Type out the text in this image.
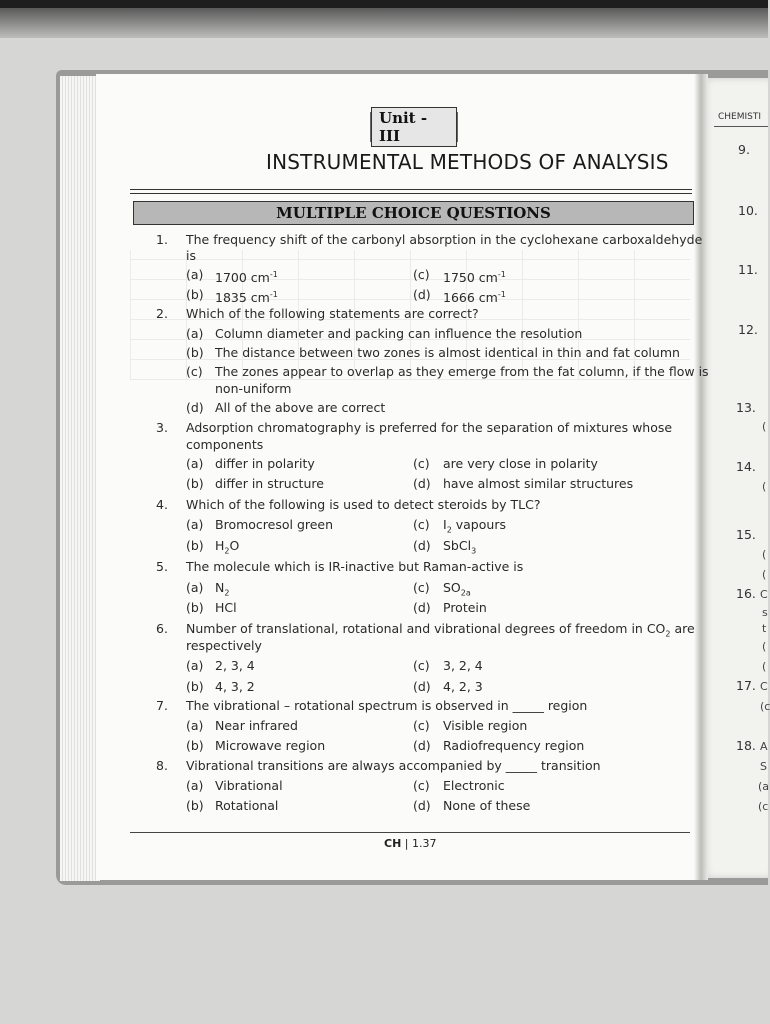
Unit - III
INSTRUMENTAL METHODS OF ANALYSIS
MULTIPLE CHOICE QUESTIONS
1. The frequency shift of the carbonyl absorption in the cyclohexane carboxaldehyde
is
(a) 1700 $cm^{-1}$	(c) 1750 $cm^{-1}$
(b) 1835 $cm^{-1}$	(d) 1666 $cm^{-1}$
2. Which of the following statements are correct?
(a) Column diameter and packing can influence the resolution
(b) The distance between two zones is almost identical in thin and fat column
(c) The zones appear to overlap as they emerge from the fat column, if the flow is
non-uniform
(d) All of the above are correct
3. Adsorption chromatography is preferred for the separation of mixtures whose
components
(a) differ in polarity	(c) are very close in polarity
(b) differ in structure	(d) have almost similar structures
4. Which of the following is used to detect steroids by TLC?
(a) Bromocresol green	(c) $I_2$ vapours
(b) $H_2O$	(d) SbCl$_3$
5. The molecule which is IR-inactive but Raman-active is
(a) $N_2$	(c) $SO_{2a}$
(b) HCl	(d) Protein
6. Number of translational, rotational and vibrational degrees of freedom in $CO_2$ are
respectively
(a) 2, 3, 4	(c) 3, 2, 4
(b) 4, 3, 2	(d) 4, 2, 3
7. The vibrational – rotational spectrum is observed in _____ region
(a) Near infrared	(c) Visible region
(b) Microwave region	(d) Radiofrequency region
8. Vibrational transitions are always accompanied by _____ transition
(a) Vibrational	(c) Electronic
(b) Rotational	(d) None of these
CH | 1.37
CHEMISTI
9.
10.
11.
12.
13.
14.
15.
16.
17.
18. A
S
(a
(c
C
(c
(
(
(
(
(
(
C
s
t
